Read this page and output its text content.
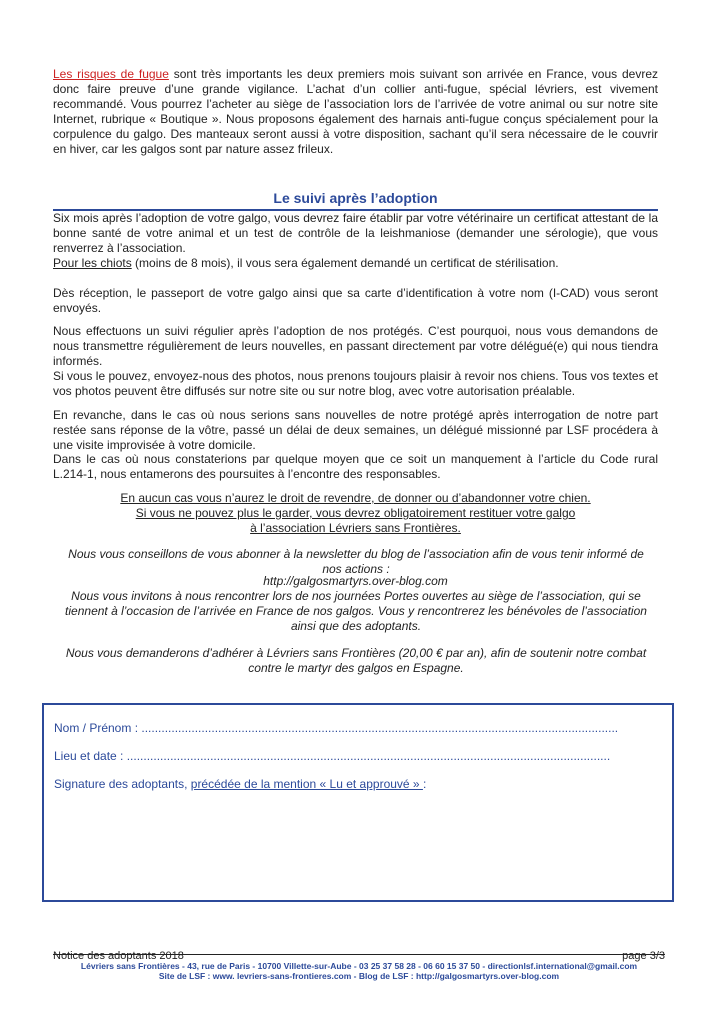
Les risques de fugue sont très importants les deux premiers mois suivant son arrivée en France, vous devrez donc faire preuve d’une grande vigilance. L’achat d’un collier anti-fugue, spécial lévriers, est vivement recommandé. Vous pourrez l’acheter au siège de l’association lors de l’arrivée de votre animal ou sur notre site Internet, rubrique « Boutique ». Nous proposons également des harnais anti-fugue conçus spécialement pour la corpulence du galgo. Des manteaux seront aussi à votre disposition, sachant qu’il sera nécessaire de le couvrir en hiver, car les galgos sont par nature assez frileux.

Le suivi après l’adoption

Six mois après l’adoption de votre galgo, vous devrez faire établir par votre vétérinaire un certificat attestant de la bonne santé de votre animal et un test de contrôle de la leishmaniose (demander une sérologie), que vous renverrez à l’association.

Pour les chiots (moins de 8 mois), il vous sera également demandé un certificat de stérilisation.

Dès réception, le passeport de votre galgo ainsi que sa carte d’identification à votre nom (I-CAD) vous seront envoyés.

Nous effectuons un suivi régulier après l’adoption de nos protégés. C’est pourquoi, nous vous demandons de nous transmettre régulièrement de leurs nouvelles, en passant directement par votre délégué(e) qui nous tiendra informés.

Si vous le pouvez, envoyez-nous des photos, nous prenons toujours plaisir à revoir nos chiens. Tous vos textes et vos photos peuvent être diffusés sur notre site ou sur notre blog, avec votre autorisation préalable.

En revanche, dans le cas où nous serions sans nouvelles de notre protégé après interrogation de notre part restée sans réponse de la vôtre, passé un délai de deux semaines, un délégué missionné par LSF procédera à une visite improvisée à votre domicile.

Dans le cas où nous constaterions par quelque moyen que ce soit un manquement à l’article du Code rural L.214-1, nous entamerons des poursuites à l’encontre des responsables.

En aucun cas vous n’aurez le droit de revendre, de donner ou d’abandonner votre chien.

Si vous ne pouvez plus le garder, vous devrez obligatoirement restituer votre galgo

à l’association Lévriers sans Frontières.

Nous vous conseillons de vous abonner à la newsletter du blog de l’association afin de vous tenir informé de nos actions :

http://galgosmartyrs.over-blog.com

Nous vous invitons à nous rencontrer lors de nos journées Portes ouvertes au siège de l’association, qui se tiennent à l’occasion de l’arrivée en France de nos galgos. Vous y rencontrerez les bénévoles de l’association ainsi que des adoptants.

Nous vous demanderons d’adhérer à Lévriers sans Frontières (20,00 € par an), afin de soutenir notre combat contre le martyr des galgos en Espagne.

Nom / Prénom : ...............................................................................................................................................

Lieu et date : .................................................................................................................................................

Signature des adoptants, précédée de la mention « Lu et approuvé » :

Notice des adoptants 2018	page 3/3
Lévriers sans Frontières - 43, rue de Paris - 10700 Villette-sur-Aube - 03 25 37 58 28 - 06 60 15 37 50 - directionlsf.international@gmail.com
Site de LSF : www. levriers-sans-frontieres.com - Blog de LSF : http://galgosmartyrs.over-blog.com
